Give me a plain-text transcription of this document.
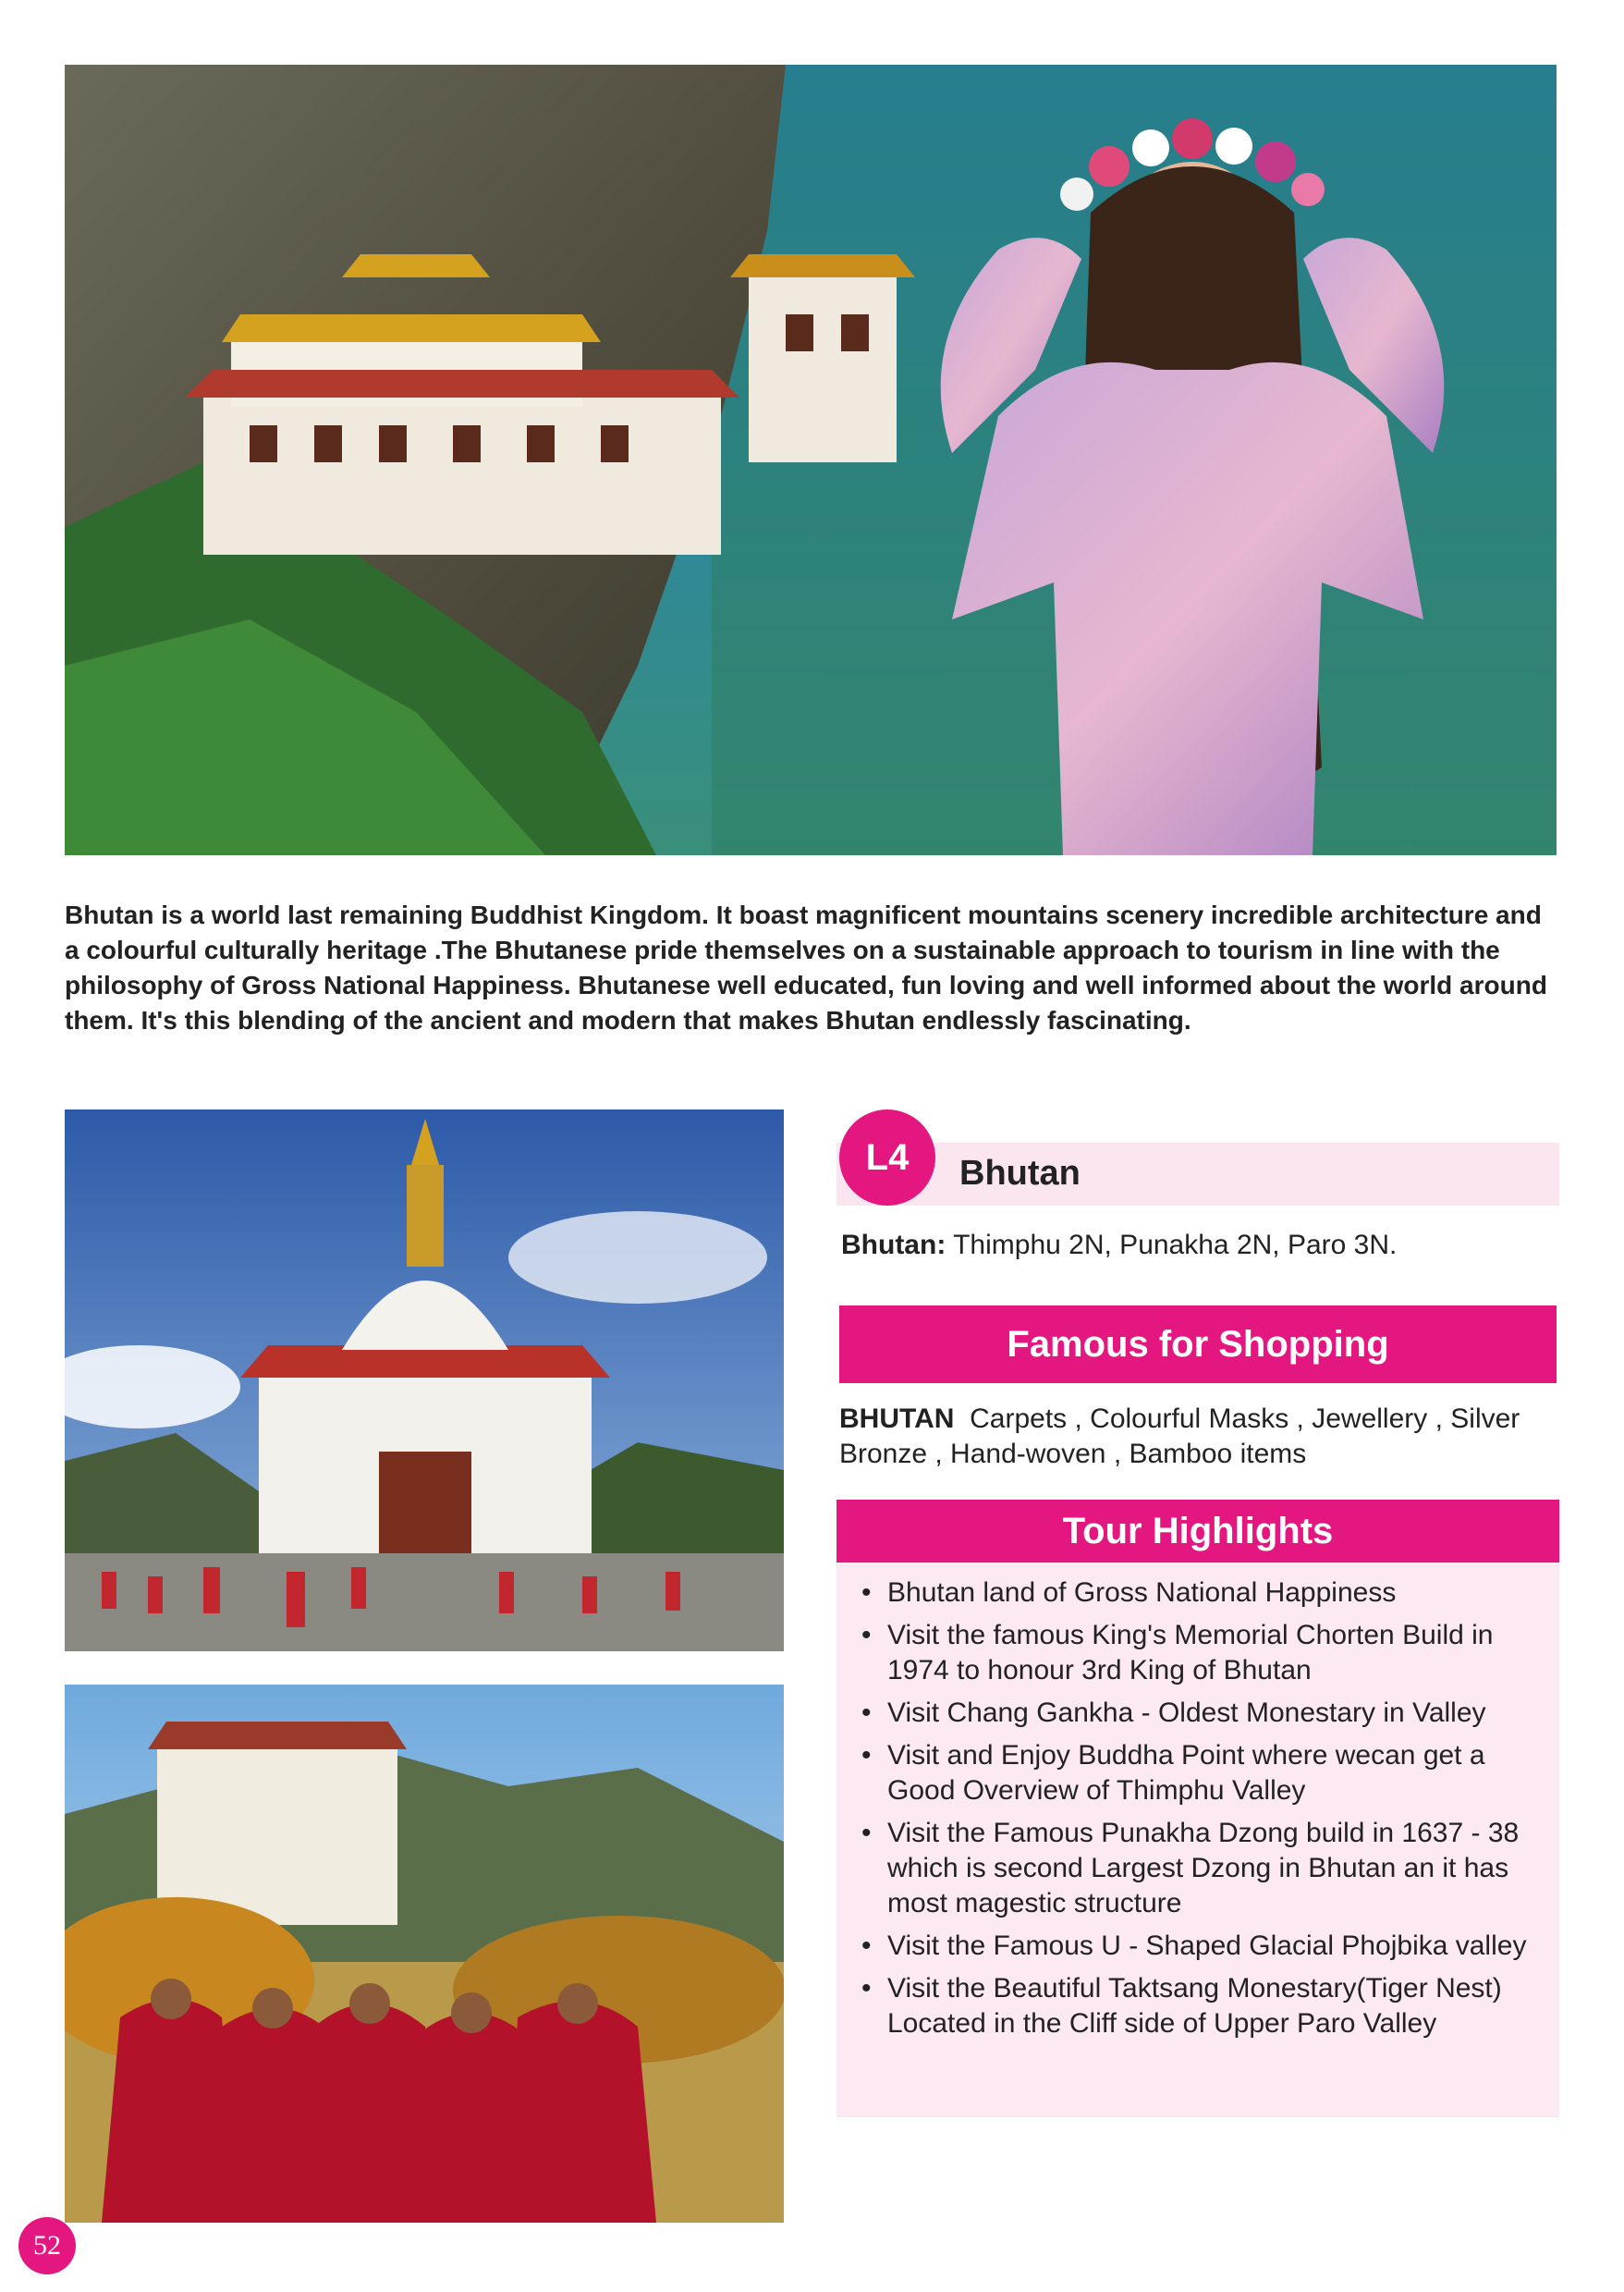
Bhutan is a world last remaining Buddhist Kingdom. It boast magnificent mountains scenery incredible architecture and a colourful culturally heritage .The Bhutanese pride themselves on a sustainable approach to tourism in line with the philosophy of Gross National Happiness. Bhutanese well educated, fun loving and well informed about the world around them. It's this blending of the ancient and modern that makes Bhutan endlessly fascinating.

L4	Bhutan
Bhutan: Thimphu 2N, Punakha 2N, Paro 3N.
Famous for Shopping
BHUTAN Carpets , Colourful Masks , Jewellery , Silver Bronze , Hand-woven , Bamboo items
Tour Highlights
• Bhutan land of Gross National Happiness
• Visit the famous King's Memorial Chorten Build in 1974 to honour 3rd King of Bhutan
• Visit Chang Gankha - Oldest Monestary in Valley
• Visit and Enjoy Buddha Point where wecan get a Good Overview of Thimphu Valley
• Visit the Famous Punakha Dzong build in 1637 - 38 which is second Largest Dzong in Bhutan an it has most magestic structure
• Visit the Famous U - Shaped Glacial Phojbika valley
• Visit the Beautiful Taktsang Monestary(Tiger Nest) Located in the Cliff side of Upper Paro Valley
52
